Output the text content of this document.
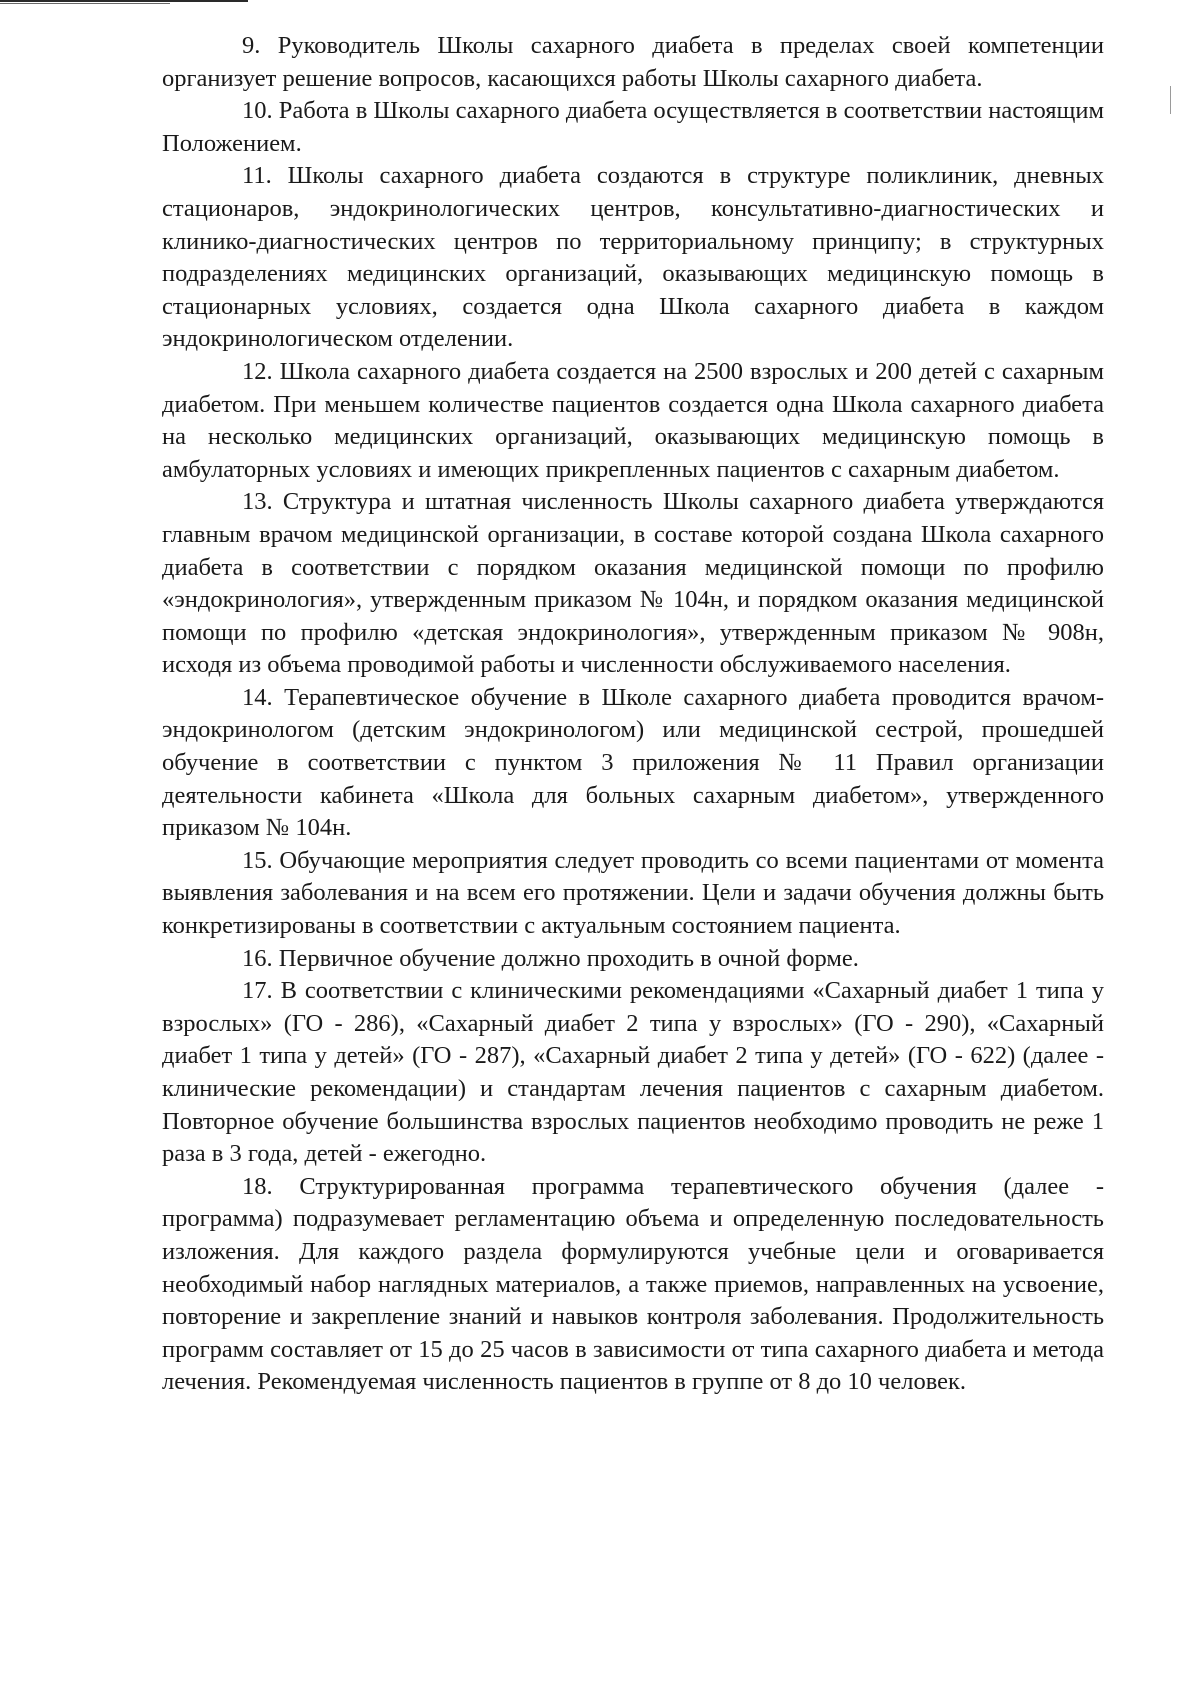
9. Руководитель Школы сахарного диабета в пределах своей компетенции организует решение вопросов, касающихся работы Школы сахарного диабета.

10. Работа в Школы сахарного диабета осуществляется в соответствии настоящим Положением.

11. Школы сахарного диабета создаются в структуре поликлиник, дневных стационаров, эндокринологических центров, консультативно-диагностических и клинико-диагностических центров по территориальному принципу; в структурных подразделениях медицинских организаций, оказывающих медицинскую помощь в стационарных условиях, создается одна Школа сахарного диабета в каждом эндокринологическом отделении.

12. Школа сахарного диабета создается на 2500 взрослых и 200 детей с сахарным диабетом. При меньшем количестве пациентов создается одна Школа сахарного диабета на несколько медицинских организаций, оказывающих медицинскую помощь в амбулаторных условиях и имеющих прикрепленных пациентов с сахарным диабетом.

13. Структура и штатная численность Школы сахарного диабета утверждаются главным врачом медицинской организации, в составе которой создана Школа сахарного диабета в соответствии с порядком оказания медицинской помощи по профилю «эндокринология», утвержденным приказом № 104н, и порядком оказания медицинской помощи по профилю «детская эндокринология», утвержденным приказом № 908н, исходя из объема проводимой работы и численности обслуживаемого населения.

14. Терапевтическое обучение в Школе сахарного диабета проводится врачом-эндокринологом (детским эндокринологом) или медицинской сестрой, прошедшей обучение в соответствии с пунктом 3 приложения № 11 Правил организации деятельности кабинета «Школа для больных сахарным диабетом», утвержденного приказом № 104н.

15. Обучающие мероприятия следует проводить со всеми пациентами от момента выявления заболевания и на всем его протяжении. Цели и задачи обучения должны быть конкретизированы в соответствии с актуальным состоянием пациента.

16. Первичное обучение должно проходить в очной форме.

17. В соответствии с клиническими рекомендациями «Сахарный диабет 1 типа у взрослых» (ГО - 286), «Сахарный диабет 2 типа у взрослых» (ГО - 290), «Сахарный диабет 1 типа у детей» (ГО - 287), «Сахарный диабет 2 типа у детей» (ГО - 622) (далее - клинические рекомендации) и стандартам лечения пациентов с сахарным диабетом. Повторное обучение большинства взрослых пациентов необходимо проводить не реже 1 раза в 3 года, детей - ежегодно.

18. Структурированная программа терапевтического обучения (далее - программа) подразумевает регламентацию объема и определенную последовательность изложения. Для каждого раздела формулируются учебные цели и оговаривается необходимый набор наглядных материалов, а также приемов, направленных на усвоение, повторение и закрепление знаний и навыков контроля заболевания. Продолжительность программ составляет от 15 до 25 часов в зависимости от типа сахарного диабета и метода лечения. Рекомендуемая численность пациентов в группе от 8 до 10 человек.
